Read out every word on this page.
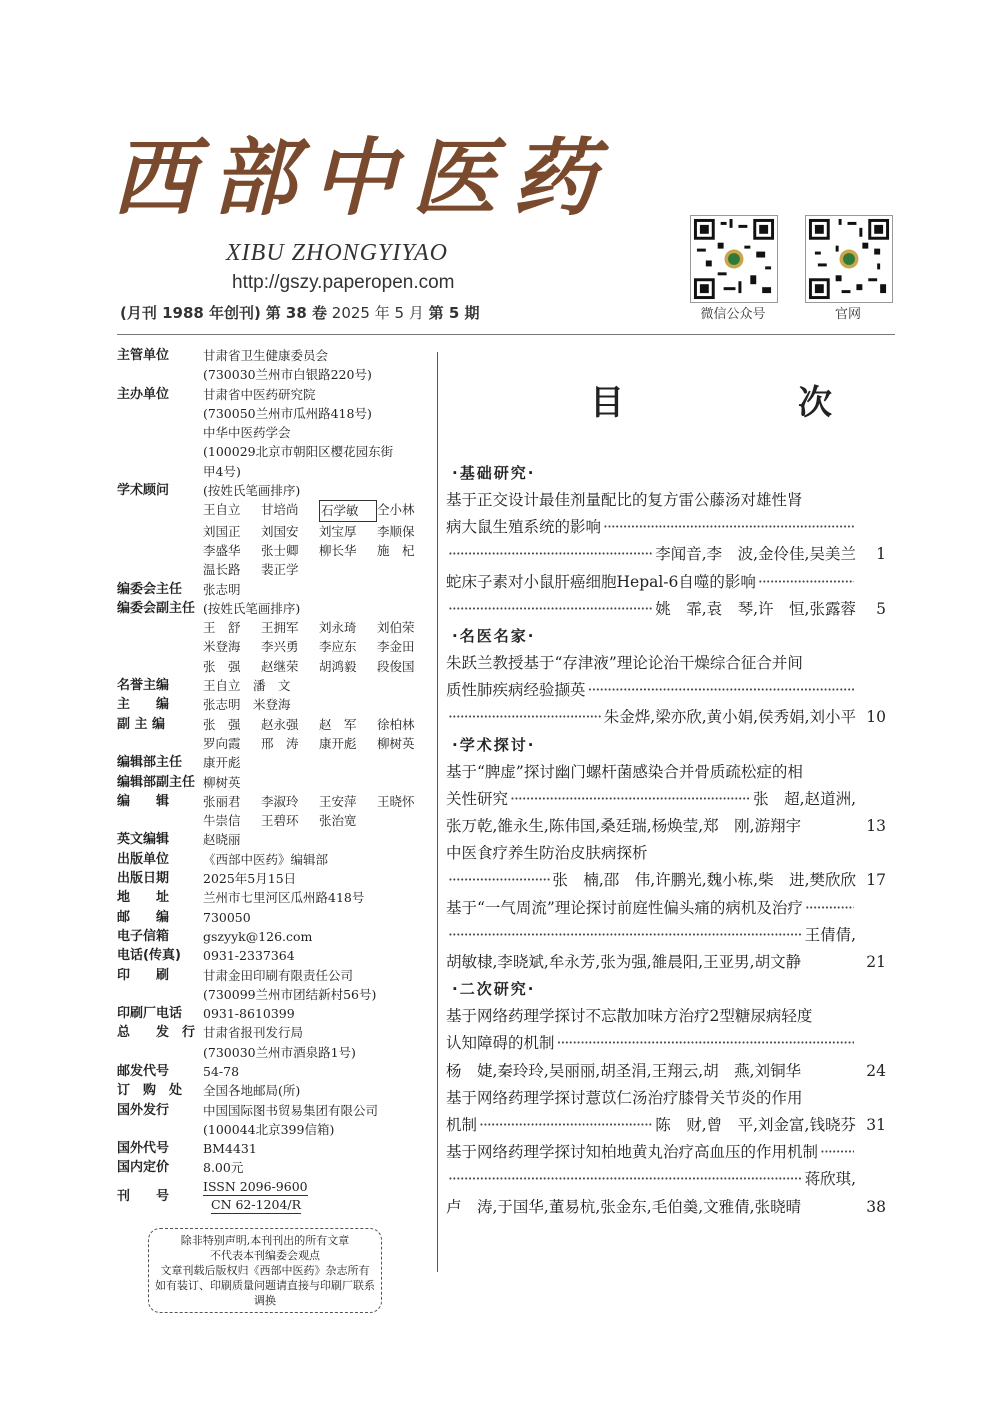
西部中医药
XIBU ZHONGYIYAO
http://gszy.paperopen.com
(月刊 1988 年创刊) 第 38 卷 2025 年 5 月 第 5 期	微信公众号	官网
主管单位	甘肃省卫生健康委员会
(730030兰州市白银路220号)
主办单位	甘肃省中医药研究院
(730050兰州市瓜州路418号)
中华中医药学会
(100029北京市朝阳区樱花园东街
甲4号)
学术顾问	(按姓氏笔画排序)
王自立	甘培尚	石学敏	仝小林
刘国正	刘国安	刘宝厚	李顺保
李盛华	张士卿	柳长华	施　杞
温长路	裴正学
编委会主任	张志明
编委会副主任 (按姓氏笔画排序)
王　舒	王拥军	刘永琦	刘伯荣
米登海	李兴勇	李应东	李金田
张　强	赵继荣	胡鸿毅	段俊国
名誉主编	王自立　潘　文
主　　编	张志明　米登海
副 主 编	张　强	赵永强	赵　军	徐柏林
罗向霞	邢　涛	康开彪	柳树英
编辑部主任	康开彪
编辑部副主任 柳树英
编　　辑	张丽君	李淑玲	王安萍	王晓怀
牛崇信	王碧环	张治宽
英文编辑	赵晓丽
出版单位	《西部中医药》编辑部
出版日期	2025年5月15日
地　　址	兰州市七里河区瓜州路418号
邮　　编	730050
电子信箱	gszyyk@126.com
电话(传真)	0931-2337364
印　　刷	甘肃金田印刷有限责任公司
(730099兰州市团结新村56号)
印刷厂电话	0931-8610399
总　　发　行 甘肃省报刊发行局
(730030兰州市酒泉路1号)
邮发代号	54-78
订　购　处	全国各地邮局(所)
国外发行	中国国际图书贸易集团有限公司
(100044北京399信箱)
国外代号	BM4431
国内定价	8.00元
刊　　号
ISSN 2096-9600
CN 62-1204/R
除非特别声明,本刊刊出的所有文章
不代表本刊编委会观点
文章刊载后版权归《西部中医药》杂志所有
如有装订、印刷质量问题请直接与印刷厂联系调换
目　次
·基础研究·
基于正交设计最佳剂量配比的复方雷公藤汤对雄性肾
病大鼠生殖系统的影响
·····
·····
李闻音,李　波,金伶佳,吴美兰	1
蛇床子素对小鼠肝癌细胞Hepal-6自噬的影响
·····
·····
姚　霏,袁　琴,许　恒,张露蓉	5
·名医名家·
朱跃兰教授基于“存津液”理论论治干燥综合征合并间
质性肺疾病经验撷英
·····
·····
朱金烨,梁亦欣,黄小娟,侯秀娟,刘小平 10
·学术探讨·
基于“脾虚”探讨幽门螺杆菌感染合并骨质疏松症的相
关性研究 ·····	张　超,赵道洲,
张万乾,雒永生,陈伟国,桑廷瑞,杨焕莹,郑　刚,游翔宇	13
中医食疗养生防治皮肤病探析
·····
张　楠,邵　伟,许鹏光,魏小栋,柴　进,樊欣欣 17
基于“一气周流”理论探讨前庭性偏头痛的病机及治疗
·····
·····
王倩倩,
胡敏棣,李晓斌,牟永芳,张为强,雒晨阳,王亚男,胡文静	21
·二次研究·
基于网络药理学探讨不忘散加味方治疗2型糖尿病轻度
认知障碍的机制
·····
杨　婕,秦玲玲,吴丽丽,胡圣涓,王翔云,胡　燕,刘铜华	24
基于网络药理学探讨薏苡仁汤治疗膝骨关节炎的作用
机制 ·····	陈　财,曾　平,刘金富,钱晓芬 31
基于网络药理学探讨知柏地黄丸治疗高血压的作用机制
·····
·····
蒋欣琪,
卢　涛,于国华,董易杭,张金东,毛伯羮,文雅倩,张晓晴	38
